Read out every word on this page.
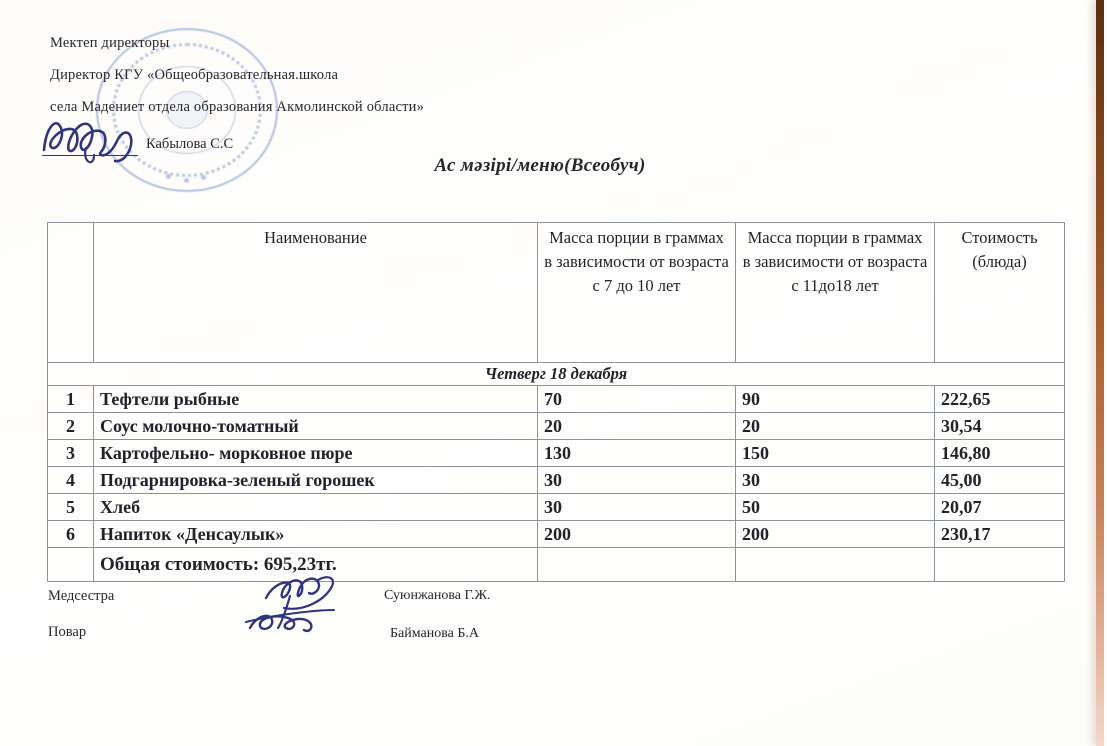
Мектеп директоры
Директор КГУ «Общеобразовательная.школа
села Мадениет отдела образования Акмолинской области»
Кабылова С.С
Ас мәзірі/меню(Всеобуч)
	Наименование	Масса порции в граммах в зависимости от возраста с 7 до 10 лет	Масса порции в граммах в зависимости от возраста с 11до18 лет	Стоимость (блюда)
Четверг 18 декабря				
1	Тефтели рыбные	70	90	222,65
2	Соус молочно-томатный	20	20	30,54
3	Картофельно- морковное пюре	130	150	146,80
4	Подгарнировка-зеленый горошек	30	30	45,00
5	Хлеб	30	50	20,07
6	Напиток «Денсаулык»	200	200	230,17
	Общая стоимость: 695,23тг.			
Медсестра	Суюнжанова Г.Ж.
Повар	Байманова Б.А
